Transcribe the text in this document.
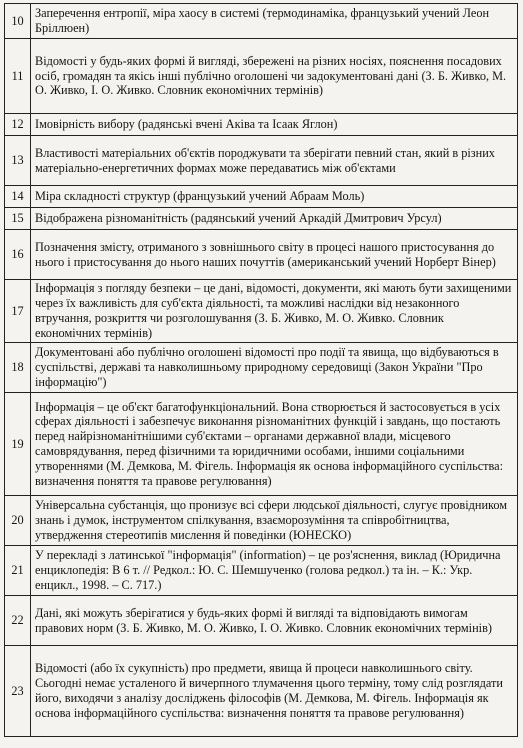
10	Заперечення ентропії, міра хаосу в системі (термодинаміка, французький учений Леон Бріллюен)
11	Відомості у будь-яких формі й вигляді, збережені на різних носіях, пояснення посадових осіб, громадян та якісь інші публічно оголошені чи задокументовані дані (З. Б. Живко, М. О. Живко, І. О. Живко. Словник економічних термінів)
12	Імовірність вибору (радянські вчені Аківа та Ісаак Яглон)
13	Властивості матеріальних об'єктів породжувати та зберігати певний стан, який в різних матеріально-енергетичних формах може передаватись між об'єктами
14	Міра складності структур (французький учений Абраам Моль)
15	Відображена різноманітність (радянський учений Аркадій Дмитрович Урсул)
16	Позначення змісту, отриманого з зовнішнього світу в процесі нашого пристосування до нього і пристосування до нього наших почуттів (американський учений Норберт Вінер)
17	Інформація з погляду безпеки – це дані, відомості, документи, які мають бути захищеними через їх важливість для суб'єкта діяльності, та можливі наслідки від незаконного втручання, розкриття чи розголошування (З. Б. Живко, М. О. Живко. Словник економічних термінів)
18	Документовані або публічно оголошені відомості про події та явища, що відбуваються в суспільстві, державі та навколишньому природному середовищі (Закон України "Про інформацію")
19	Інформація – це об'єкт багатофункціональний. Вона створюється й застосовується в усіх сферах діяльності і забезпечує виконання різноманітних функцій і завдань, що постають перед найрізноманітнішими суб'єктами – органами державної влади, місцевого самоврядування, перед фізичними та юридичними особами, іншими соціальними утвореннями (М. Демкова, М. Фігель. Інформація як основа інформаційного суспільства: визначення поняття та правове регулювання)
20	Універсальна субстанція, що пронизує всі сфери людської діяльності, слугує провідником знань і думок, інструментом спілкування, взаєморозуміння та співробітництва, утвердження стереотипів мислення й поведінки (ЮНЕСКО)
21	У перекладі з латинської "інформація" (information) – це роз'яснення, виклад (Юридична енциклопедія: В 6 т. // Редкол.: Ю. С. Шемшученко (голова редкол.) та ін. – К.: Укр. енцикл., 1998. – С. 717.)
22	Дані, які можуть зберігатися у будь-яких формі й вигляді та відповідають вимогам правових норм (З. Б. Живко, М. О. Живко, І. О. Живко. Словник економічних термінів)
23	Відомості (або їх сукупність) про предмети, явища й процеси навколишнього світу. Сьогодні немає усталеного й вичерпного тлумачення цього терміну, тому слід розглядати його, виходячи з аналізу досліджень філософів (М. Демкова, М. Фігель. Інформація як основа інформаційного суспільства: визначення поняття та правове регулювання)
